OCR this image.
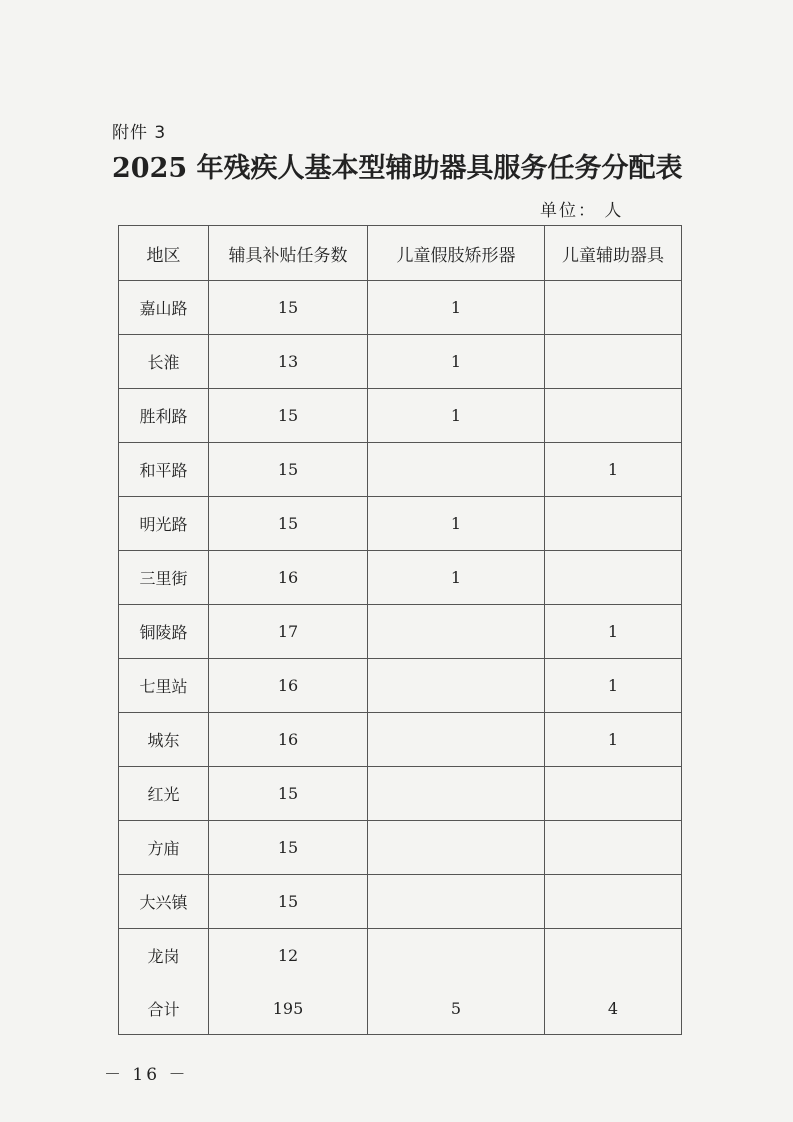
附件 3
2025 年残疾人基本型辅助器具服务任务分配表
单位： 人
地区	辅具补贴任务数	儿童假肢矫形器	儿童辅助器具
嘉山路	15	1	
长淮	13	1	
胜利路	15	1	
和平路	15		1
明光路	15	1	
三里街	16	1	
铜陵路	17		1
七里站	16		1
城东	16		1
红光	15		
方庙	15		
大兴镇	15		
龙岗	12		
合计	195	5	4
－ 16 －
